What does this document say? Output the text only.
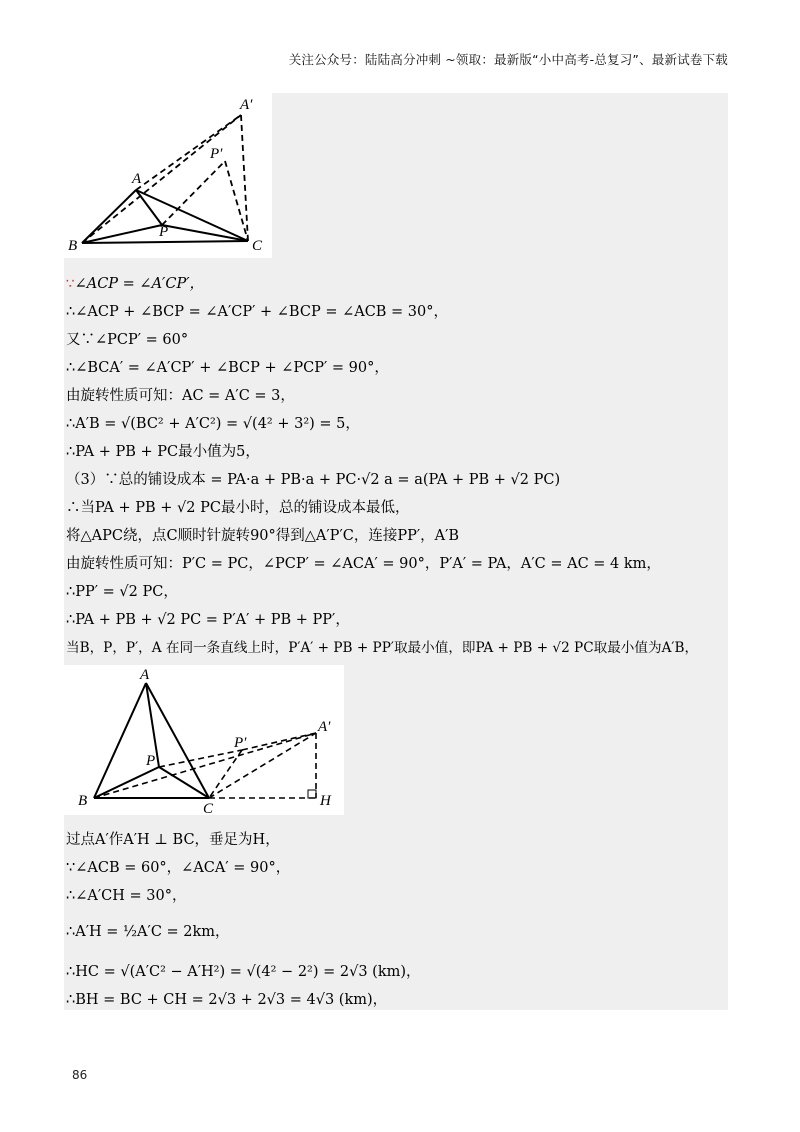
关注公众号：陆陆高分冲刺 ~领取：最新版“小中高考-总复习”、最新试卷下载
A′
P′
A
P
B	C
∵∠ACP = ∠A′CP′，
∴∠ACP + ∠BCP = ∠A′CP′ + ∠BCP = ∠ACB = 30°，
又∵∠PCP′ = 60°
∴∠BCA′ = ∠A′CP′ + ∠BCP + ∠PCP′ = 90°，
由旋转性质可知：AC = A′C = 3，
∴A′B = √(BC² + A′C²) = √(4² + 3²) = 5，
∴PA + PB + PC最小值为5，
（3）∵总的铺设成本 = PA·a + PB·a + PC·√2 a = a(PA + PB + √2 PC)
∴当PA + PB + √2 PC最小时，总的铺设成本最低，
将△APC绕，点C顺时针旋转90°得到△A′P′C，连接PP′，A′B
由旋转性质可知：P′C = PC，∠PCP′ = ∠ACA′ = 90°，P′A′ = PA，A′C = AC = 4 km，
∴PP′ = √2 PC，
∴PA + PB + √2 PC = P′A′ + PB + PP′，
当B，P，P′，A 在同一条直线上时，P′A′ + PB + PP′取最小值，即PA + PB + √2 PC取最小值为A′B，
A
A′
P′
P
B	C	H
过点A′作A′H ⊥ BC，垂足为H，
∵∠ACB = 60°，∠ACA′ = 90°，
∴∠A′CH = 30°，
∴A′H = ½A′C = 2km，
∴HC = √(A′C² − A′H²) = √(4² − 2²) = 2√3 (km)，
∴BH = BC + CH = 2√3 + 2√3 = 4√3 (km)，
86
